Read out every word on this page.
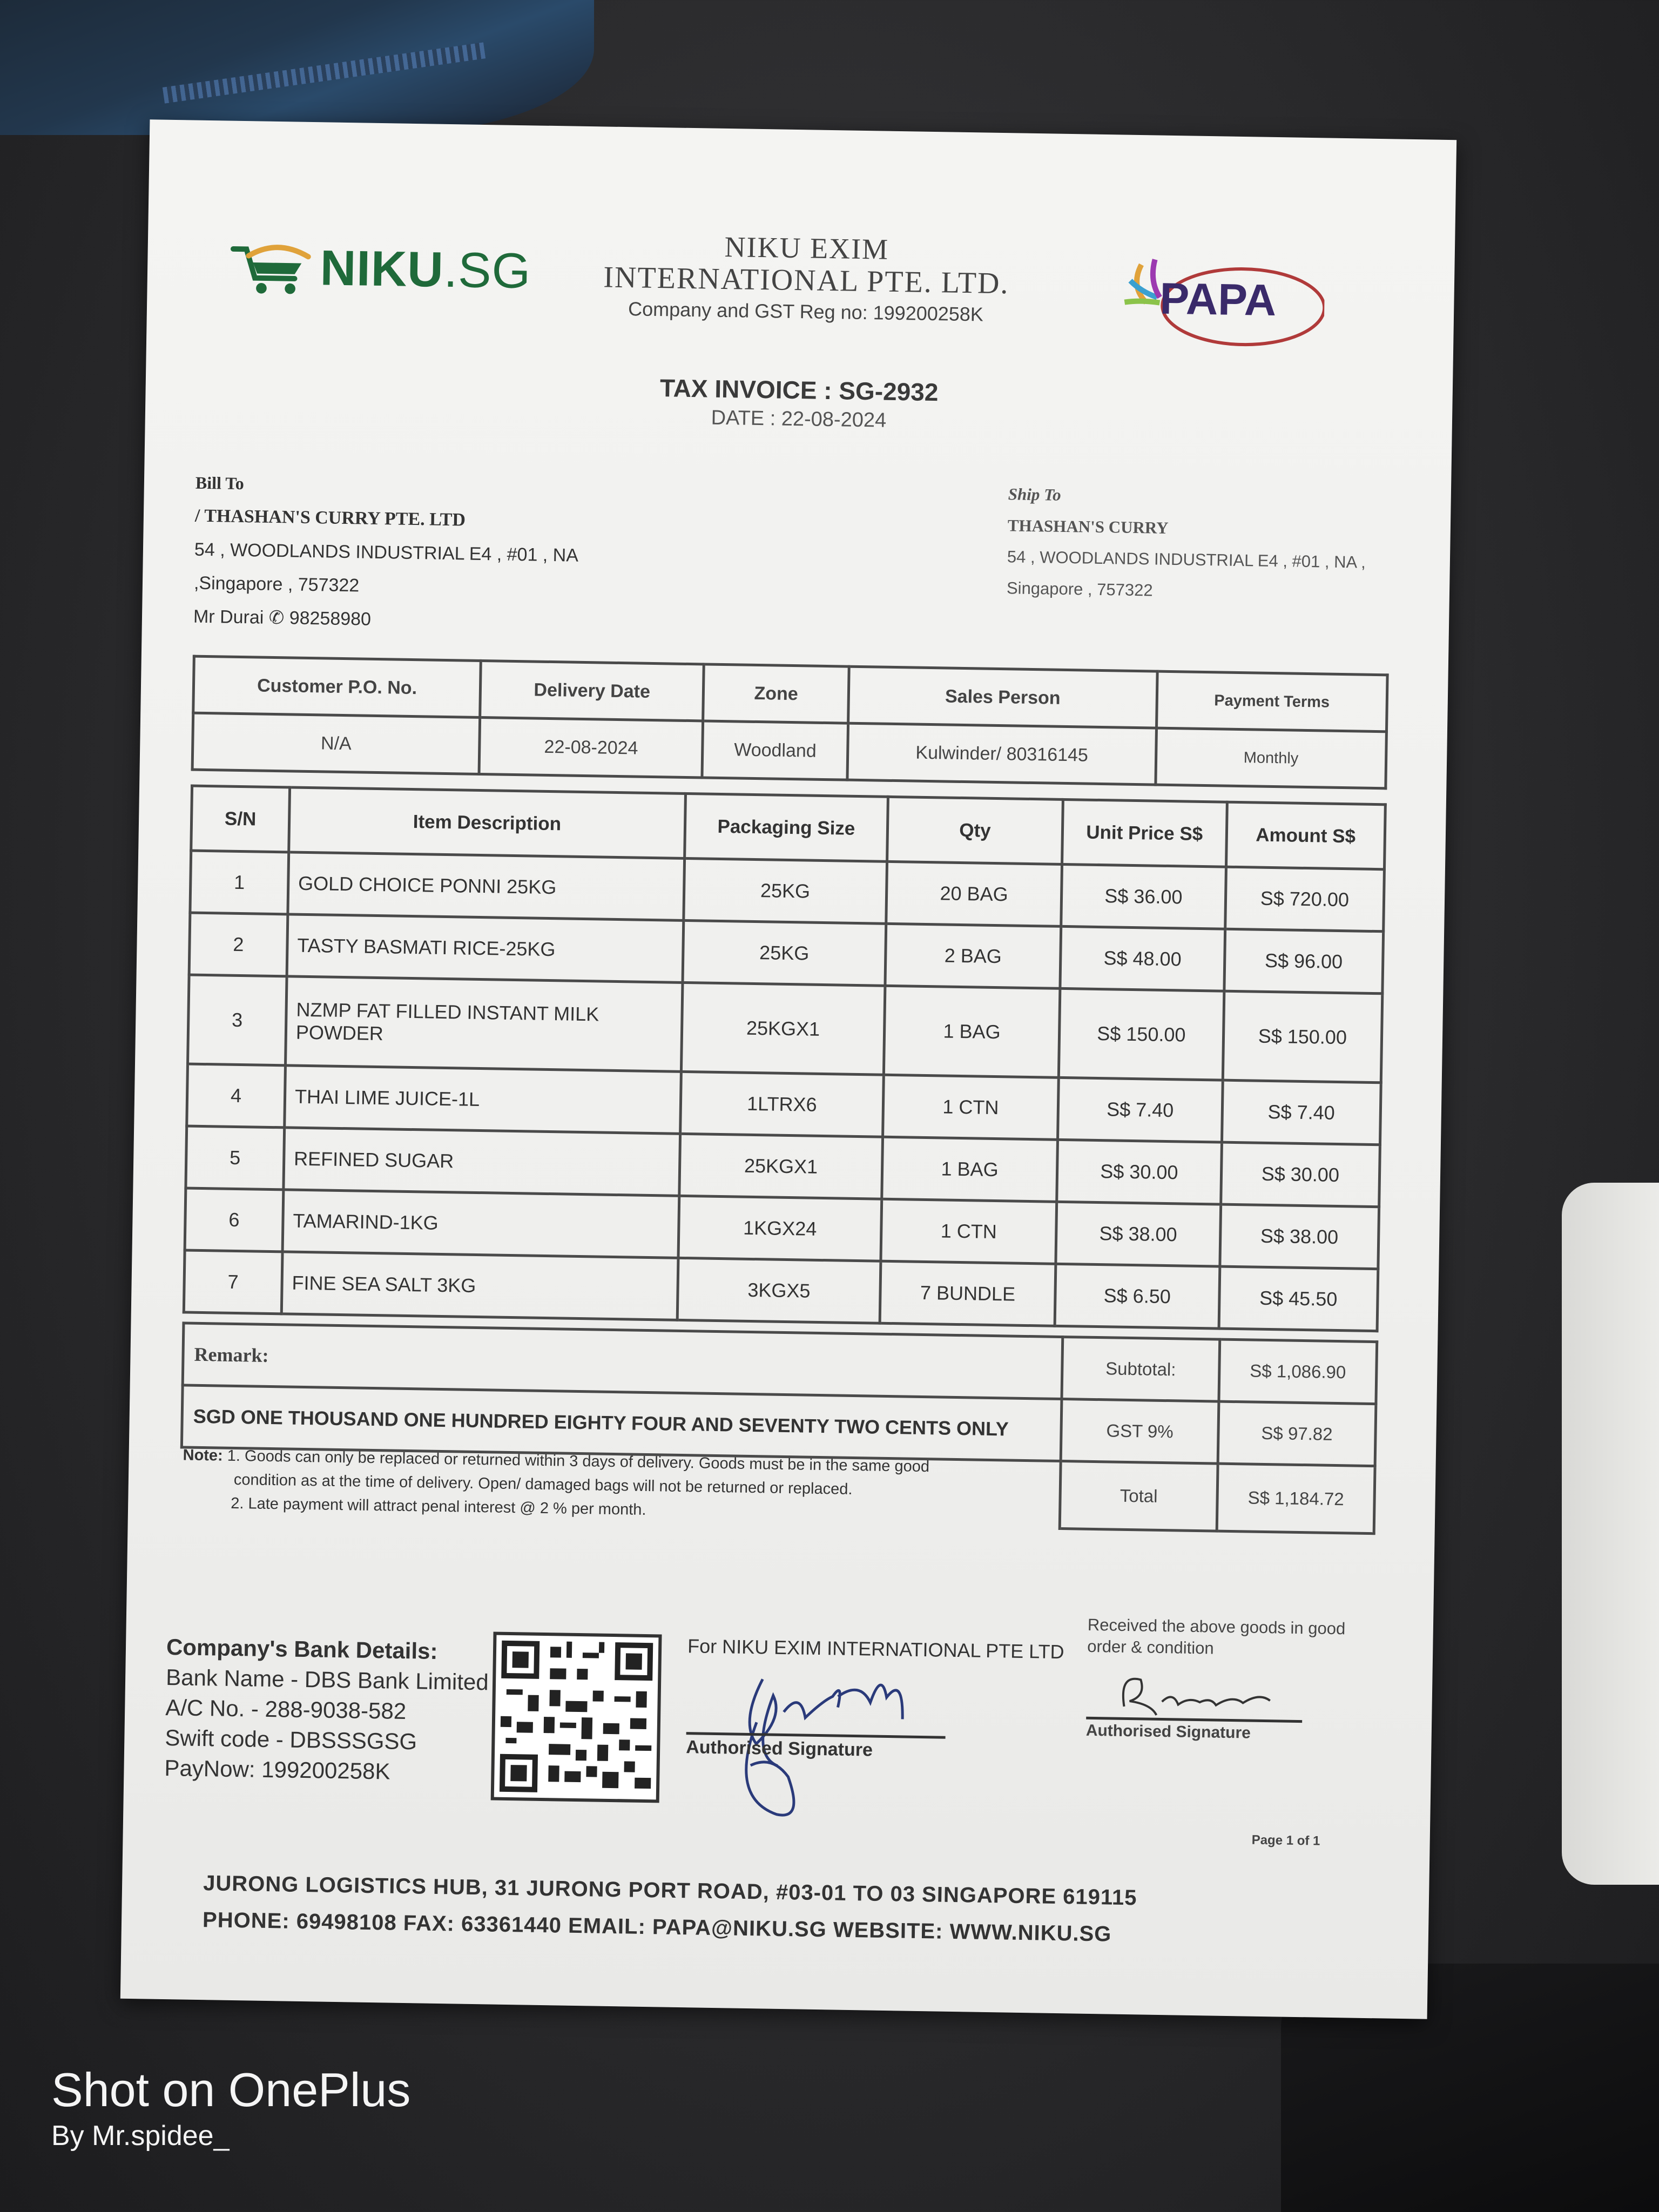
NIKU.SG	NIKU EXIM
INTERNATIONAL PTE. LTD.
Company and GST Reg no: 199200258K	PAPA
TAX INVOICE : SG-2932
DATE : 22-08-2024
Bill To
/ THASHAN'S CURRY PTE. LTD
54 , WOODLANDS INDUSTRIAL E4 , #01 , NA
,Singapore , 757322
Mr Durai ✆ 98258980
Ship To
THASHAN'S CURRY
54 , WOODLANDS INDUSTRIAL E4 , #01 , NA ,
Singapore , 757322
Customer P.O. No.	Delivery Date	Zone	Sales Person	Payment Terms
N/A	22-08-2024	Woodland	Kulwinder/ 80316145	Monthly
S/N	Item Description	Packaging Size	Qty	Unit Price S$	Amount S$
1	GOLD CHOICE PONNI 25KG	25KG	20 BAG	S$ 36.00	S$ 720.00
2	TASTY BASMATI RICE-25KG	25KG	2 BAG	S$ 48.00	S$ 96.00
3	NZMP FAT FILLED INSTANT MILK POWDER	25KGX1	1 BAG	S$ 150.00	S$ 150.00
4	THAI LIME JUICE-1L	1LTRX6	1 CTN	S$ 7.40	S$ 7.40
5	REFINED SUGAR	25KGX1	1 BAG	S$ 30.00	S$ 30.00
6	TAMARIND-1KG	1KGX24	1 CTN	S$ 38.00	S$ 38.00
7	FINE SEA SALT 3KG	3KGX5	7 BUNDLE	S$ 6.50	S$ 45.50
Remark:	Subtotal:	S$ 1,086.90
SGD ONE THOUSAND ONE HUNDRED EIGHTY FOUR AND SEVENTY TWO CENTS ONLY	GST 9%	S$ 97.82
	Total	S$ 1,184.72
Note: 1. Goods can only be replaced or returned within 3 days of delivery. Goods must be in the same good
condition as at the time of delivery. Open/ damaged bags will not be returned or replaced.
2. Late payment will attract penal interest @ 2 % per month.
Company's Bank Details:
Bank Name - DBS Bank Limited
A/C No. - 288-9038-582
Swift code - DBSSSGSG
PayNow: 199200258K
For NIKU EXIM INTERNATIONAL PTE LTD
Authorised Signature
Received the above goods in good order & condition
Authorised Signature
Page 1 of 1
JURONG LOGISTICS HUB, 31 JURONG PORT ROAD, #03-01 TO 03 SINGAPORE 619115
PHONE: 69498108 FAX: 63361440 EMAIL: PAPA@NIKU.SG WEBSITE: WWW.NIKU.SG
Shot on OnePlus
By Mr.spidee_
